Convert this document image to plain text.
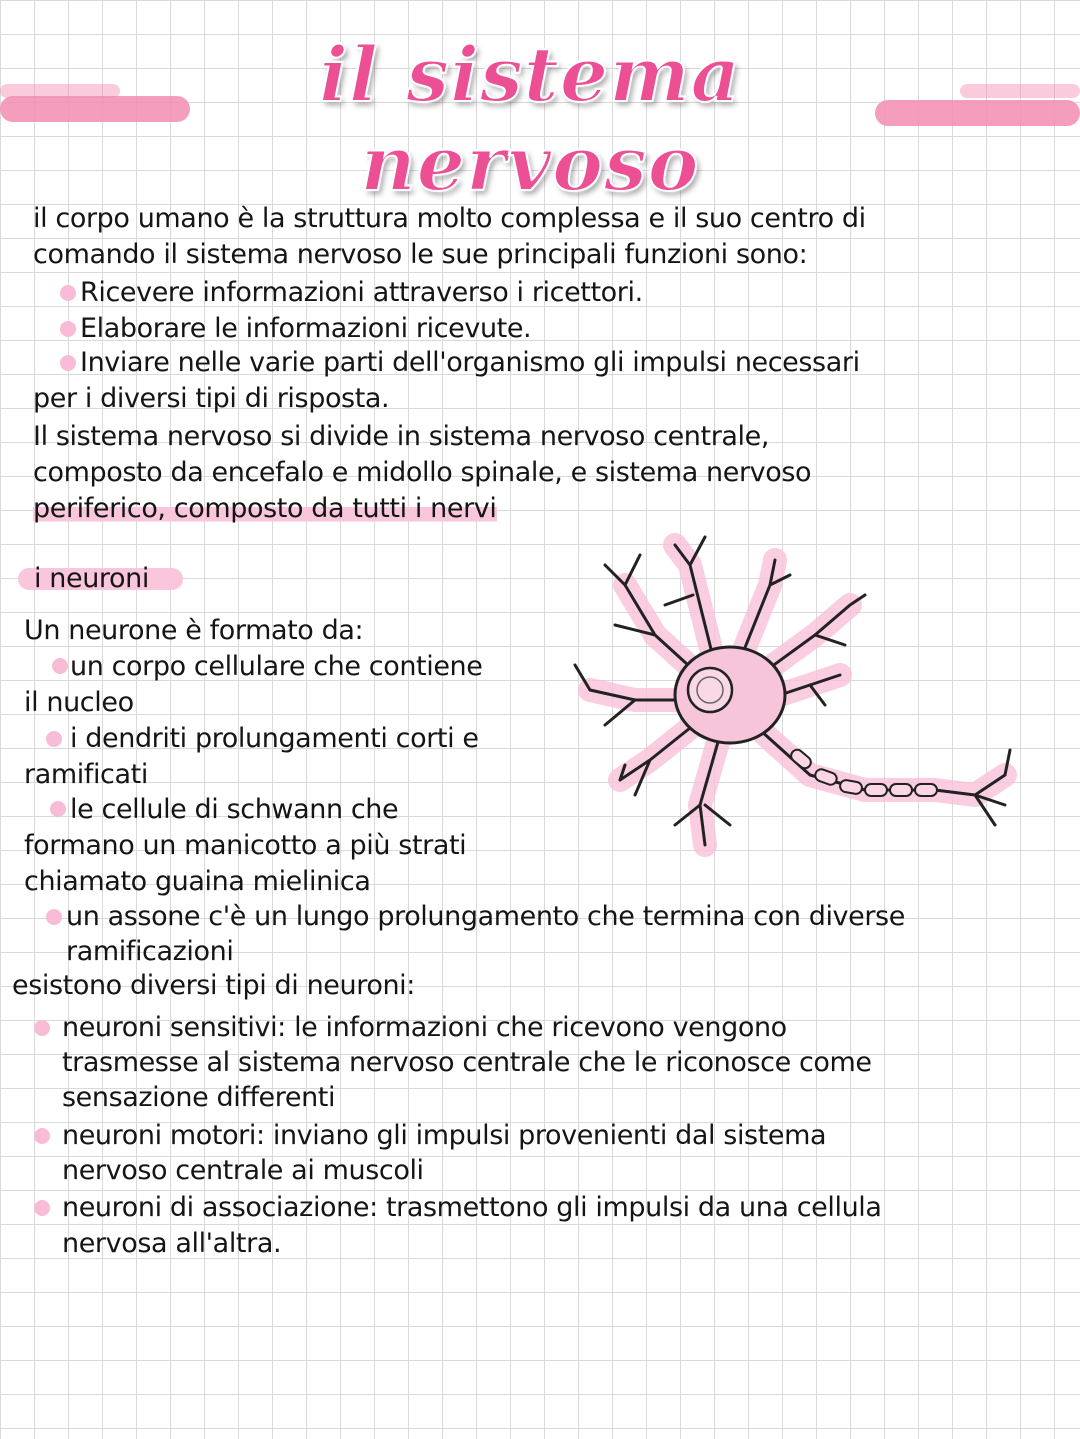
il sistema nervoso
il corpo umano è la struttura molto complessa e il suo centro di
comando il sistema nervoso le sue principali funzioni sono:
Ricevere informazioni attraverso i ricettori.
Elaborare le informazioni ricevute.
Inviare nelle varie parti dell'organismo gli impulsi necessari
per i diversi tipi di risposta.
Il sistema nervoso si divide in sistema nervoso centrale,
composto da encefalo e midollo spinale, e sistema nervoso
periferico, composto da tutti i nervi
i neuroni
Un neurone è formato da:
un corpo cellulare che contiene
il nucleo
i dendriti prolungamenti corti e
ramificati
le cellule di schwann che
formano un manicotto a più strati
chiamato guaina mielinica
un assone c'è un lungo prolungamento che termina con diverse
ramificazioni
esistono diversi tipi di neuroni:
neuroni sensitivi: le informazioni che ricevono vengono
trasmesse al sistema nervoso centrale che le riconosce come
sensazione differenti
neuroni motori: inviano gli impulsi provenienti dal sistema
nervoso centrale ai muscoli
neuroni di associazione: trasmettono gli impulsi da una cellula
nervosa all'altra.
